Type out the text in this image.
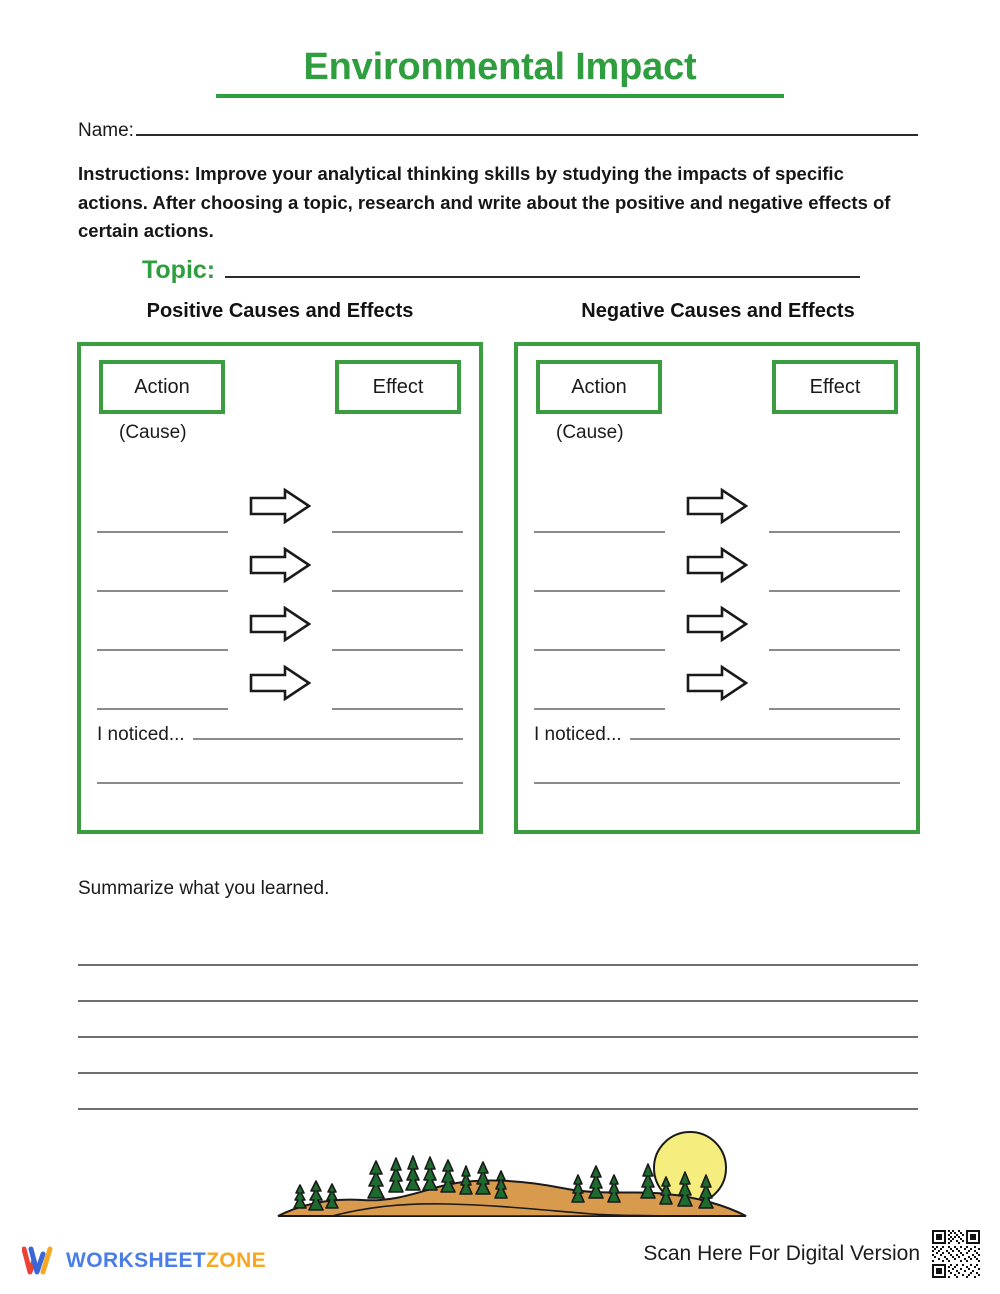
Environmental Impact
Name:
Instructions: Improve your analytical thinking skills by studying the impacts of specific actions. After choosing a topic, research and write about the positive and negative effects of certain actions.
Topic:
Positive Causes and Effects	Negative Causes and Effects
Action	Effect
(Cause)
I noticed...
Action	Effect
(Cause)
I noticed...
Summarize what you learned.
WORKSHEETZONE	Scan Here For Digital Version
